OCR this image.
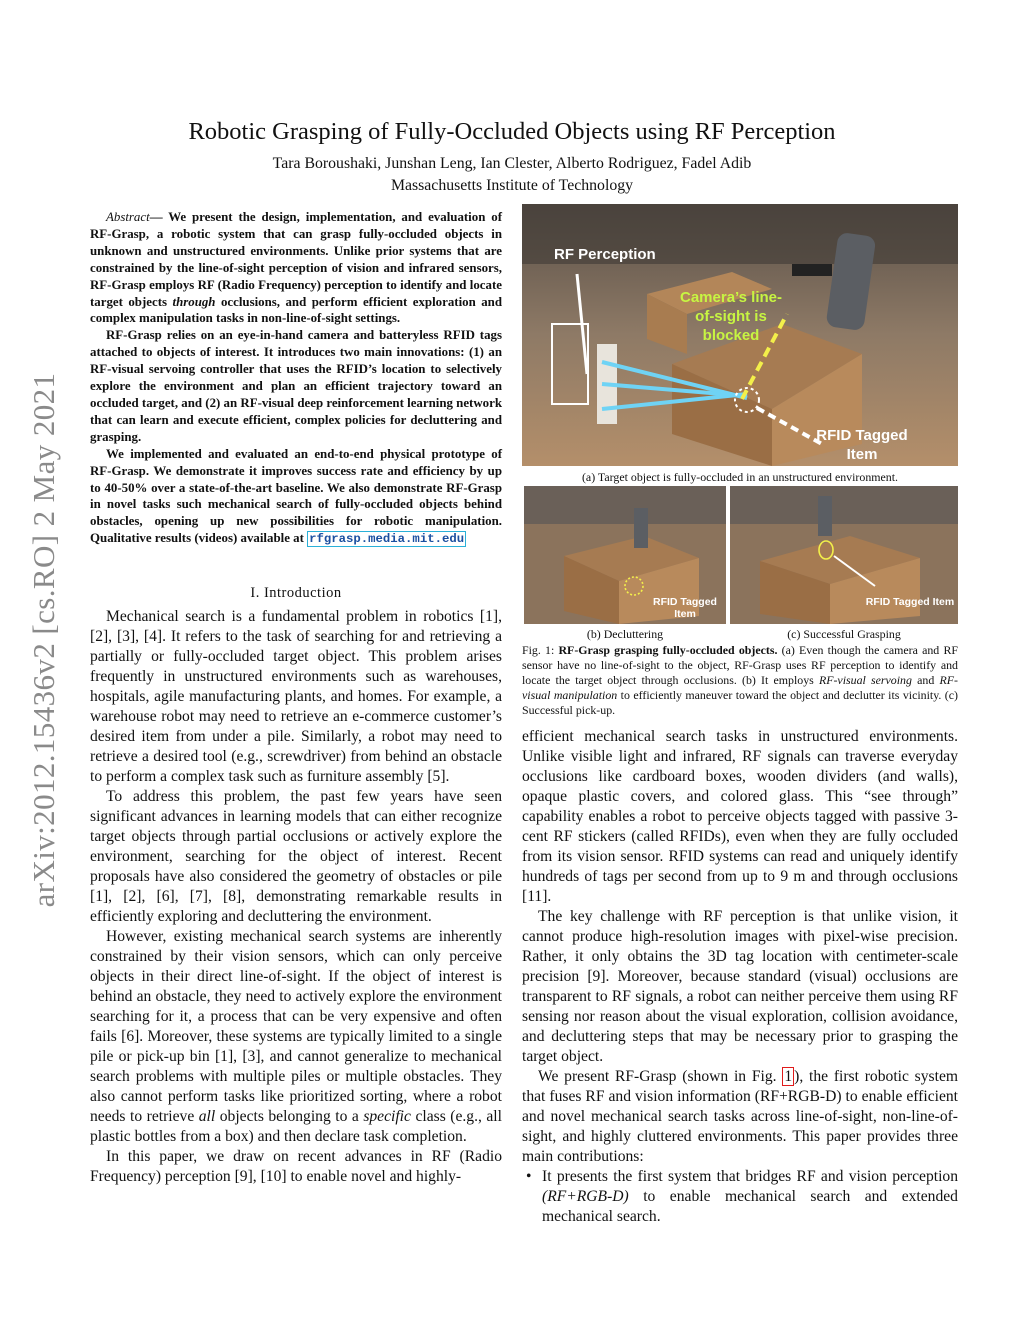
Robotic Grasping of Fully-Occluded Objects using RF Perception
Tara Boroushaki, Junshan Leng, Ian Clester, Alberto Rodriguez, Fadel Adib
Massachusetts Institute of Technology
arXiv:2012.15436v2 [cs.RO] 2 May 2021

Abstract— We present the design, implementation, and evaluation of RF-Grasp, a robotic system that can grasp fully-occluded objects in unknown and unstructured environments. Unlike prior systems that are constrained by the line-of-sight perception of vision and infrared sensors, RF-Grasp employs RF (Radio Frequency) perception to identify and locate target objects through occlusions, and perform efficient exploration and complex manipulation tasks in non-line-of-sight settings.

RF-Grasp relies on an eye-in-hand camera and batteryless RFID tags attached to objects of interest. It introduces two main innovations: (1) an RF-visual servoing controller that uses the RFID’s location to selectively explore the environment and plan an efficient trajectory toward an occluded target, and (2) an RF-visual deep reinforcement learning network that can learn and execute efficient, complex policies for decluttering and grasping.

We implemented and evaluated an end-to-end physical prototype of RF-Grasp. We demonstrate it improves success rate and efficiency by up to 40-50% over a state-of-the-art baseline. We also demonstrate RF-Grasp in novel tasks such mechanical search of fully-occluded objects behind obstacles, opening up new possibilities for robotic manipulation. Qualitative results (videos) available at rfgrasp.media.mit.edu

I. Introduction

Mechanical search is a fundamental problem in robotics [1], [2], [3], [4]. It refers to the task of searching for and retrieving a partially or fully-occluded target object. This problem arises frequently in unstructured environments such as warehouses, hospitals, agile manufacturing plants, and homes. For example, a warehouse robot may need to retrieve an e-commerce customer’s desired item from under a pile. Similarly, a robot may need to retrieve a desired tool (e.g., screwdriver) from behind an obstacle to perform a complex task such as furniture assembly [5].

To address this problem, the past few years have seen significant advances in learning models that can either recognize target objects through partial occlusions or actively explore the environment, searching for the object of interest. Recent proposals have also considered the geometry of obstacles or pile [1], [2], [6], [7], [8], demonstrating remarkable results in efficiently exploring and decluttering the environment.

However, existing mechanical search systems are inherently constrained by their vision sensors, which can only perceive objects in their direct line-of-sight. If the object of interest is behind an obstacle, they need to actively explore the environment searching for it, a process that can be very expensive and often fails [6]. Moreover, these systems are typically limited to a single pile or pick-up bin [1], [3], and cannot generalize to mechanical search problems with multiple piles or multiple obstacles. They also cannot perform tasks like prioritized sorting, where a robot needs to retrieve all objects belonging to a specific class (e.g., all plastic bottles from a box) and then declare task completion.

In this paper, we draw on recent advances in RF (Radio Frequency) perception [9], [10] to enable novel and highly-

RF Perception
Camera’s line-of-sight is blocked
RFID Tagged Item
(a) Target object is fully-occluded in an unstructured environment.
RFID Tagged Item
RFID Tagged Item
(b) Decluttering	(c) Successful Grasping
Fig. 1: RF-Grasp grasping fully-occluded objects. (a) Even though the camera and RF sensor have no line-of-sight to the object, RF-Grasp uses RF perception to identify and locate the target object through occlusions. (b) It employs RF-visual servoing and RF-visual manipulation to efficiently maneuver toward the object and declutter its vicinity. (c) Successful pick-up.

efficient mechanical search tasks in unstructured environments. Unlike visible light and infrared, RF signals can traverse everyday occlusions like cardboard boxes, wooden dividers (and walls), opaque plastic covers, and colored glass. This “see through” capability enables a robot to perceive objects tagged with passive 3-cent RF stickers (called RFIDs), even when they are fully occluded from its vision sensor. RFID systems can read and uniquely identify hundreds of tags per second from up to 9 m and through occlusions [11].

The key challenge with RF perception is that unlike vision, it cannot produce high-resolution images with pixel-wise precision. Rather, it only obtains the 3D tag location with centimeter-scale precision [9]. Moreover, because standard (visual) occlusions are transparent to RF signals, a robot can neither perceive them using RF sensing nor reason about the visual exploration, collision avoidance, and decluttering steps that may be necessary prior to grasping the target object.

We present RF-Grasp (shown in Fig. 1 ), the first robotic system that fuses RF and vision information (RF+RGB-D) to enable efficient and novel mechanical search tasks across line-of-sight, non-line-of-sight, and highly cluttered environments. This paper provides three main contributions:

• It presents the first system that bridges RF and vision perception (RF+RGB-D) to enable mechanical search and extended mechanical search.
